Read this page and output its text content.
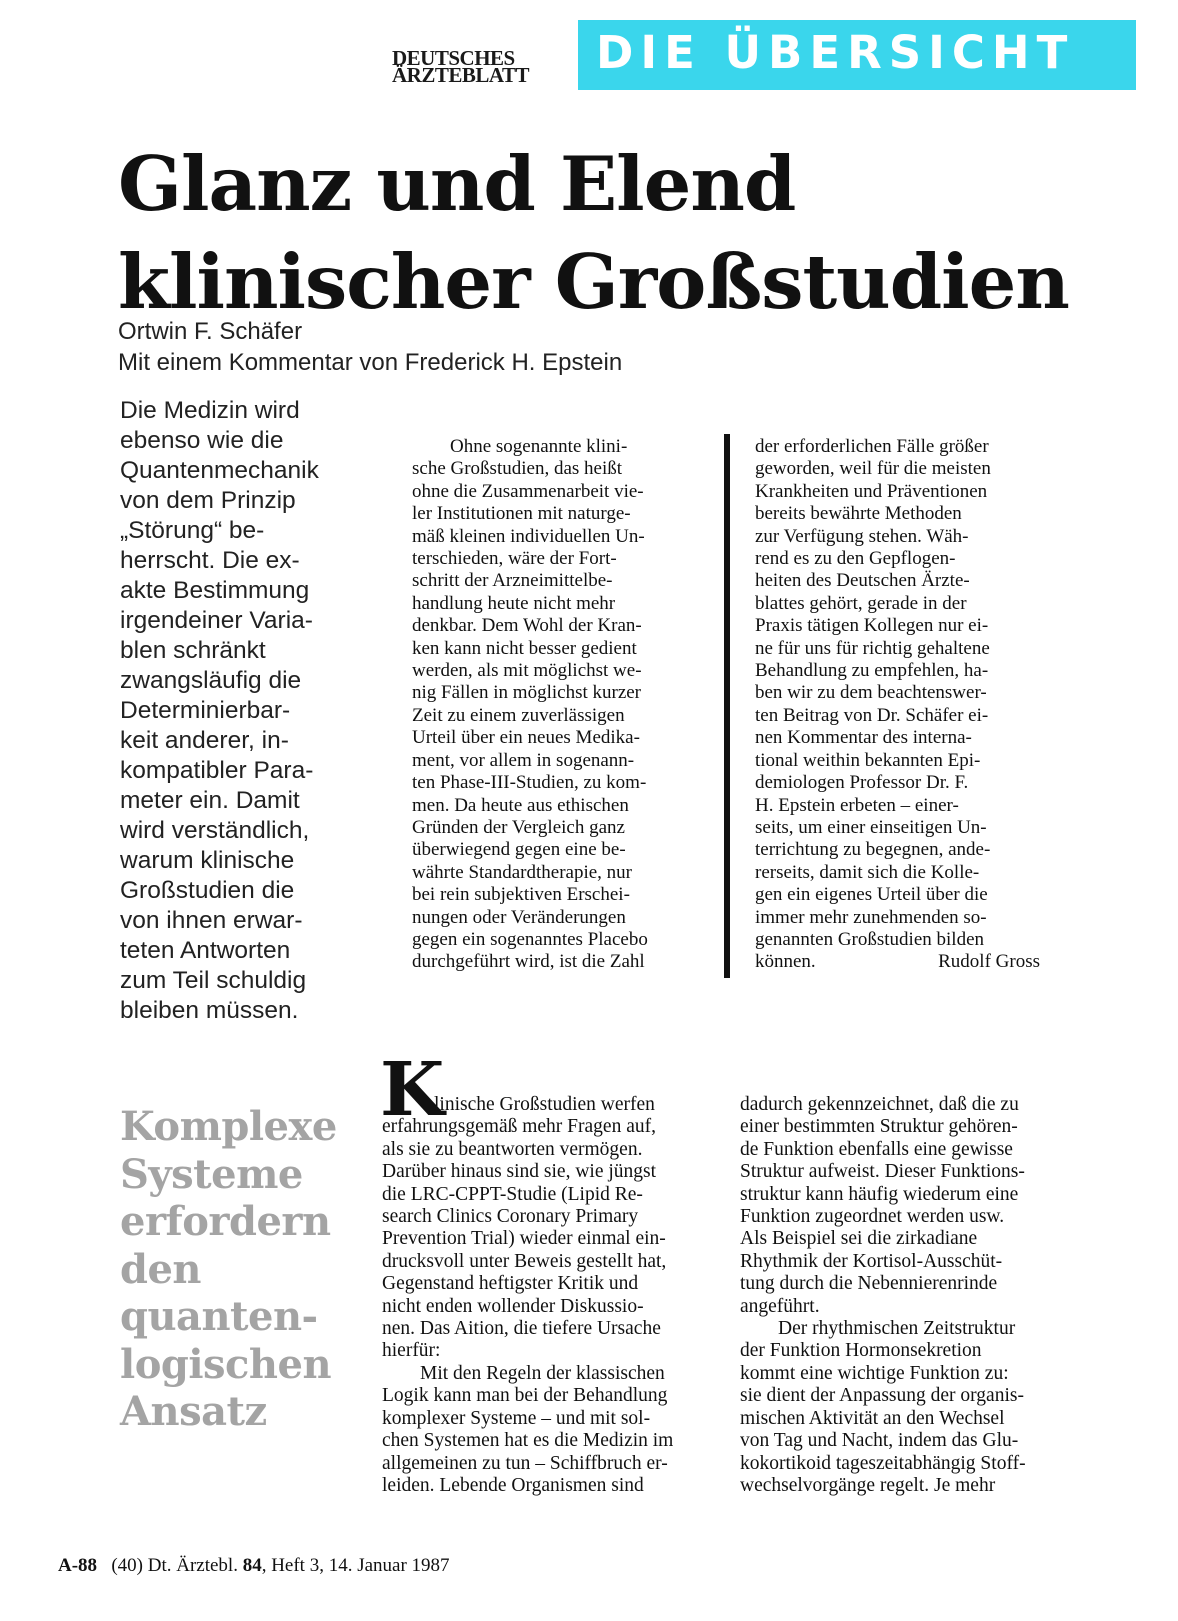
DEUTSCHES
ÄRZTEBLATT	DIE ÜBERSICHT
Glanz und Elend
klinischer Großstudien
Ortwin F. Schäfer
Mit einem Kommentar von Frederick H. Epstein
Die Medizin wird
ebenso wie die
Quantenmechanik
von dem Prinzip
„Störung“ be-
herrscht. Die ex-
akte Bestimmung
irgendeiner Varia-
blen schränkt
zwangsläufig die
Determinierbar-
keit anderer, in-
kompatibler Para-
meter ein. Damit
wird verständlich,
warum klinische
Großstudien die
von ihnen erwar-
teten Antworten
zum Teil schuldig
bleiben müssen.
Ohne sogenannte klini-
sche Großstudien, das heißt
ohne die Zusammenarbeit vie-
ler Institutionen mit naturge-
mäß kleinen individuellen Un-
terschieden, wäre der Fort-
schritt der Arzneimittelbe-
handlung heute nicht mehr
denkbar. Dem Wohl der Kran-
ken kann nicht besser gedient
werden, als mit möglichst we-
nig Fällen in möglichst kurzer
Zeit zu einem zuverlässigen
Urteil über ein neues Medika-
ment, vor allem in sogenann-
ten Phase-III-Studien, zu kom-
men. Da heute aus ethischen
Gründen der Vergleich ganz
überwiegend gegen eine be-
währte Standardtherapie, nur
bei rein subjektiven Erschei-
nungen oder Veränderungen
gegen ein sogenanntes Placebo
durchgeführt wird, ist die Zahl
der erforderlichen Fälle größer
geworden, weil für die meisten
Krankheiten und Präventionen
bereits bewährte Methoden
zur Verfügung stehen. Wäh-
rend es zu den Gepflogen-
heiten des Deutschen Ärzte-
blattes gehört, gerade in der
Praxis tätigen Kollegen nur ei-
ne für uns für richtig gehaltene
Behandlung zu empfehlen, ha-
ben wir zu dem beachtenswer-
ten Beitrag von Dr. Schäfer ei-
nen Kommentar des interna-
tional weithin bekannten Epi-
demiologen Professor Dr. F.
H. Epstein erbeten – einer-
seits, um einer einseitigen Un-
terrichtung zu begegnen, ande-
rerseits, damit sich die Kolle-
gen ein eigenes Urteil über die
immer mehr zunehmenden so-
genannten Großstudien bilden
können.	Rudolf Gross
Komplexe
Systeme
erfordern
den
quanten-
logischen
Ansatz
K
linische Großstudien werfen
erfahrungsgemäß mehr Fragen auf,
als sie zu beantworten vermögen.
Darüber hinaus sind sie, wie jüngst
die LRC-CPPT-Studie (Lipid Re-
search Clinics Coronary Primary
Prevention Trial) wieder einmal ein-
drucksvoll unter Beweis gestellt hat,
Gegenstand heftigster Kritik und
nicht enden wollender Diskussio-
nen. Das Aition, die tiefere Ursache
hierfür:
Mit den Regeln der klassischen
Logik kann man bei der Behandlung
komplexer Systeme – und mit sol-
chen Systemen hat es die Medizin im
allgemeinen zu tun – Schiffbruch er-
leiden. Lebende Organismen sind
dadurch gekennzeichnet, daß die zu
einer bestimmten Struktur gehören-
de Funktion ebenfalls eine gewisse
Struktur aufweist. Dieser Funktions-
struktur kann häufig wiederum eine
Funktion zugeordnet werden usw.
Als Beispiel sei die zirkadiane
Rhythmik der Kortisol-Ausschüt-
tung durch die Nebennierenrinde
angeführt.
Der rhythmischen Zeitstruktur
der Funktion Hormonsekretion
kommt eine wichtige Funktion zu:
sie dient der Anpassung der organis-
mischen Aktivität an den Wechsel
von Tag und Nacht, indem das Glu-
kokortikoid tageszeitabhängig Stoff-
wechselvorgänge regelt. Je mehr
A-88 (40) Dt. Ärztebl. 84, Heft 3, 14. Januar 1987
